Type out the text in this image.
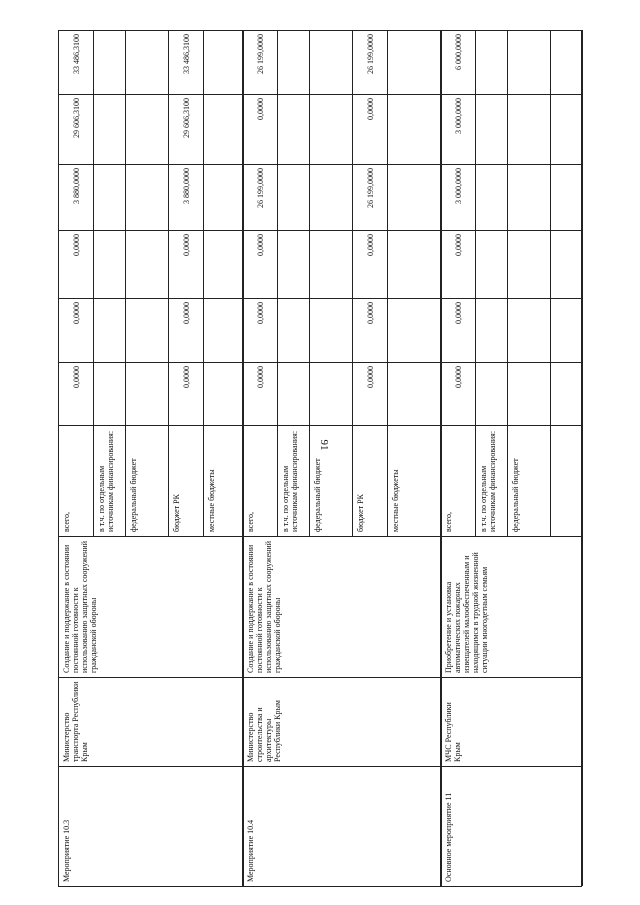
91
Мероприятие 10.3
Министерство транспорта Республики Крым
Создание и поддержание в состоянии постоянной готовности к использованию защитных сооружений гражданской обороны
всего,
0,0000
0,0000
0,0000
3 880,0000
29 606,3100
33 486,3100
в т.ч. по отдельным источникам финансирования: федеральный бюджет	бюджет РК
0,0000
0,0000
0,0000
3 880,0000
29 606,3100
33 486,3100
местные бюджеты
Мероприятие 10.4
Министерство строительства и архитектуры Республики Крым
Создание и поддержание в состоянии постоянной готовности к использованию защитных сооружений гражданской обороны
всего,
0,0000
0,0000
0,0000
26 199,0000
0,0000
26 199,0000
в т.ч. по отдельным источникам финансирования: федеральный бюджет	бюджет РК
0,0000
0,0000
0,0000
26 199,0000
0,0000
26 199,0000
местные бюджеты
Основное мероприятие 11
МЧС Республики Крым
Приобретение и установка автоматических пожарных извещателей малообеспеченным и находящимся в трудной жизненной ситуации многодетным семьям
всего,
0,0000
0,0000
0,0000
3 000,0000
3 000,0000
6 000,0000
в т.ч. по отдельным источникам финансирования: федеральный бюджет
